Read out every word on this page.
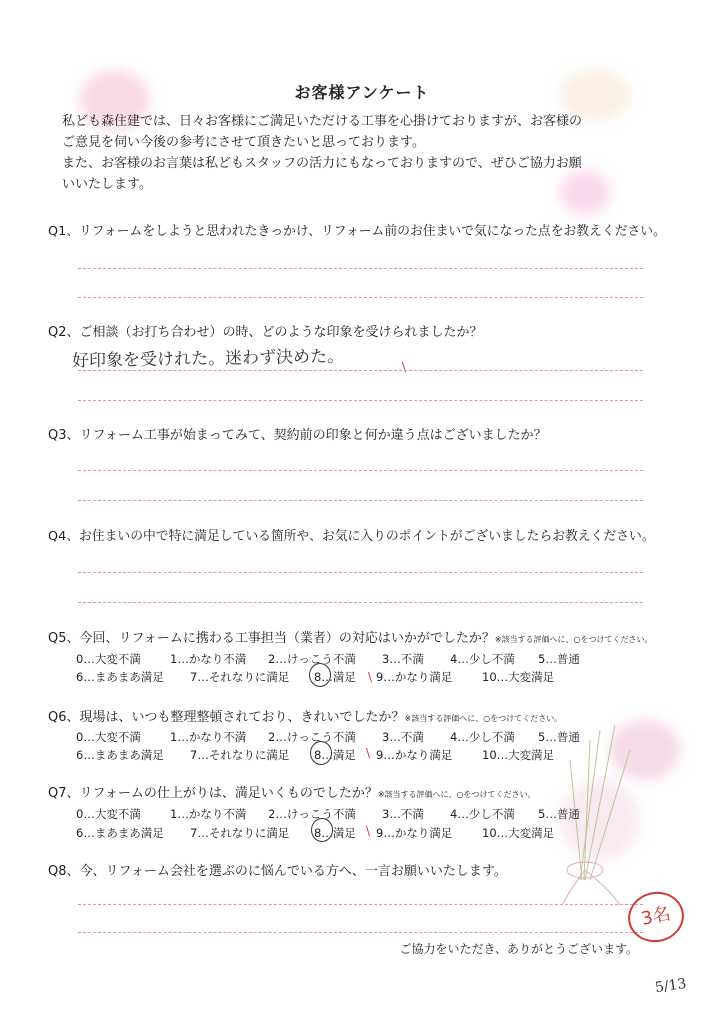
お客様アンケート
私ども森住建では、日々お客様にご満足いただける工事を心掛けておりますが、お客様の
ご意見を伺い今後の参考にさせて頂きたいと思っております。
また、お客様のお言葉は私どもスタッフの活力にもなっておりますので、ぜひご協力お願
いいたします。
Q1、リフォームをしようと思われたきっかけ、リフォーム前のお住まいで気になった点をお教えください。
Q2、ご相談（お打ち合わせ）の時、どのような印象を受けられましたか？
好印象を受けれた。迷わず決めた。	\
Q3、リフォーム工事が始まってみて、契約前の印象と何か違う点はございましたか？
Q4、お住まいの中で特に満足している箇所や、お気に入りのポイントがございましたらお教えください。
Q5、今回、リフォームに携わる工事担当（業者）の対応はいかがでしたか？※該当する評価へに、○をつけてください。
0…大変不満	1…かなり不満 2…けっこう不満 3…不満 4…少し不満 5…普通
6…まあまあ満足 7…それなりに満足 8…満足 9…かなり満足	10…大変満足
\
Q6、現場は、いつも整理整頓されており、きれいでしたか？※該当する評価へに、○をつけてください。
0…大変不満	1…かなり不満 2…けっこう不満 3…不満 4…少し不満 5…普通
6…まあまあ満足 7…それなりに満足 8…満足 9…かなり満足	10…大変満足
\
Q7、リフォームの仕上がりは、満足いくものでしたか？※該当する評価へに、○をつけてください。
0…大変不満	1…かなり不満 2…けっこう不満 3…不満 4…少し不満 5…普通
6…まあまあ満足 7…それなりに満足 8…満足 9…かなり満足	10…大変満足
\
Q8、今、リフォーム会社を選ぶのに悩んでいる方へ、一言お願いいたします。
ご協力をいただき、ありがとうございます。
3名
5/13
